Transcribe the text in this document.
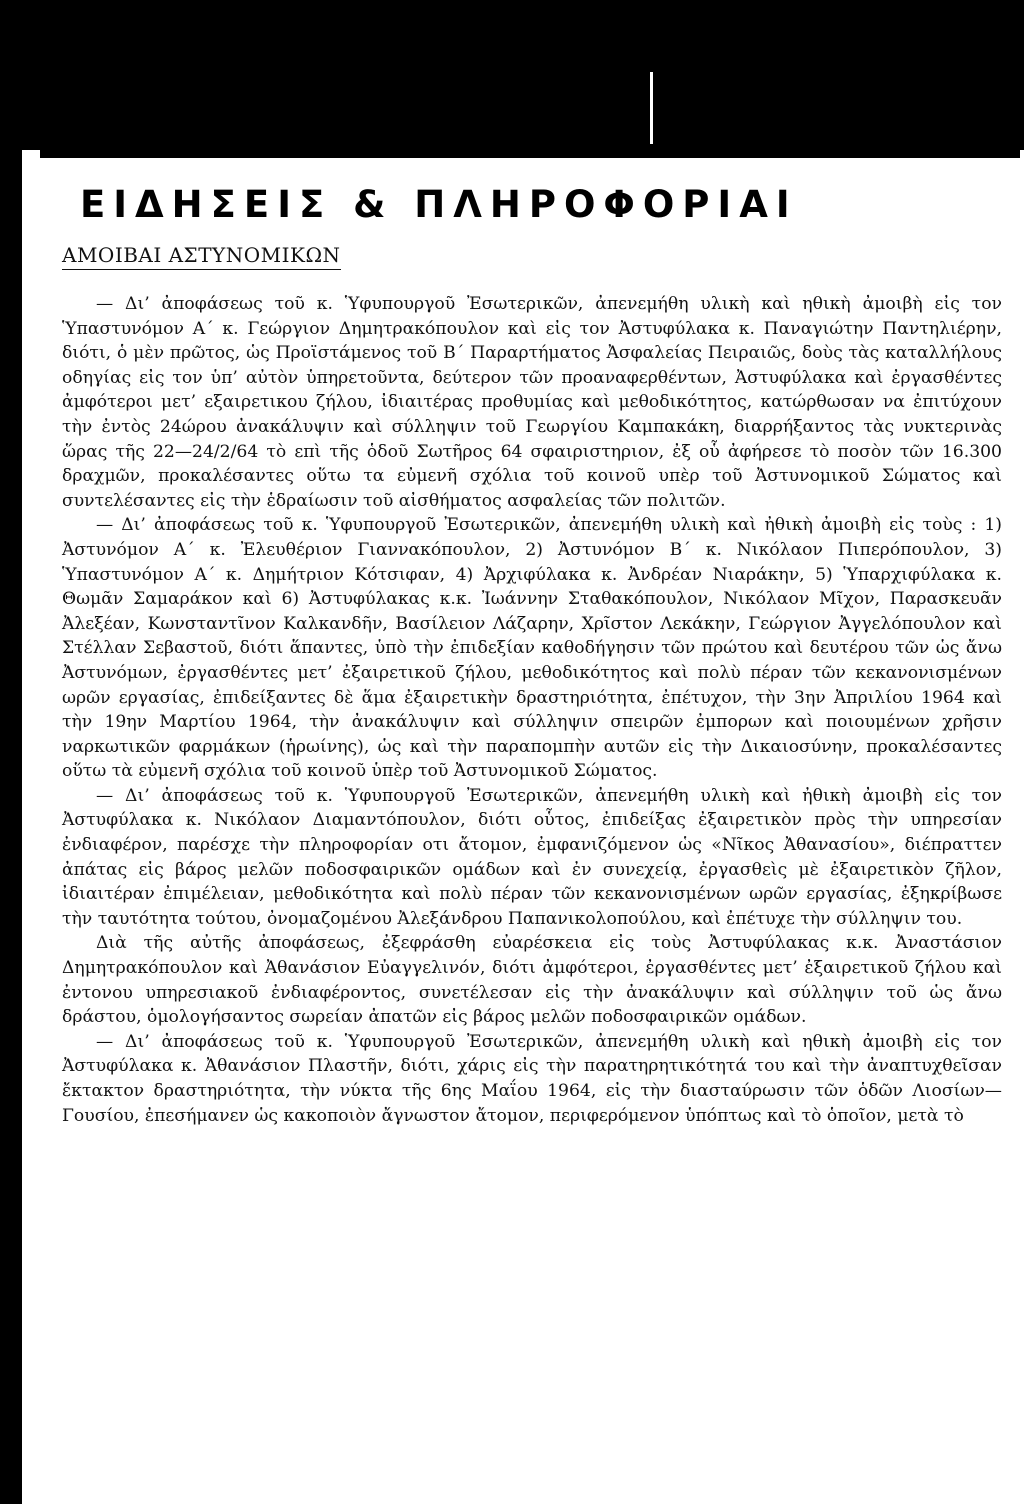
ΕΙΔΗΣΕΙΣ & ΠΛΗΡΟΦΟΡΙΑΙ
ΑΜΟΙΒΑΙ ΑΣΤΥΝΟΜΙΚΩΝ

— Δι’ ἀποφάσεως τοῦ κ. Ὑφυπουργοῦ Ἐσωτερικῶν, ἀπενεμήθη υλικὴ καὶ ηθικὴ ἀμοιβὴ εἰς τον Ὑπαστυνόμον Α΄ κ. Γεώργιον Δημητρακόπουλον καὶ εἰς τον Ἀστυφύλακα κ. Παναγιώτην Παντηλιέρην, διότι, ὁ μὲν πρῶτος, ὡς Προϊστάμενος τοῦ Β΄ Παραρτήματος Ἀσφαλείας Πειραιῶς, δοὺς τὰς καταλλήλους οδηγίας εἰς τον ὑπ’ αὐτὸν ὑπηρετοῦντα, δεύτερον τῶν προαναφερθέντων, Ἀστυφύλακα καὶ ἐργασθέντες ἀμφότεροι μετ’ εξαιρετικου ζήλου, ἰδιαιτέρας προθυμίας καὶ μεθοδικότητος, κατώρθωσαν να ἐπιτύχουν τὴν ἐντὸς 24ώρου ἀνακάλυψιν καὶ σύλληψιν τοῦ Γεωργίου Καμπακάκη, διαρρήξαντος τὰς νυκτερινὰς ὥρας τῆς 22—24/2/64 τὸ επὶ τῆς ὁδοῦ Σωτῆρος 64 σφαιριστηριον, ἐξ οὗ ἀφήρεσε τὸ ποσὸν τῶν 16.300 δραχμῶν, προκαλέσαντες οὕτω τα εὐμενῆ σχόλια τοῦ κοινοῦ υπὲρ τοῦ Ἀστυνομικοῦ Σώματος καὶ συντελέσαντες εἰς τὴν ἑδραίωσιν τοῦ αἰσθήματος ασφαλείας τῶν πολιτῶν.

— Δι’ ἀποφάσεως τοῦ κ. Ὑφυπουργοῦ Ἐσωτερικῶν, ἀπενεμήθη υλικὴ καὶ ἠθικὴ ἀμοιβὴ εἰς τοὺς : 1) Ἀστυνόμον Α΄ κ. Ἐλευθέριον Γιαννακόπουλον, 2) Ἀστυνόμον Β΄ κ. Νικόλαον Πιπερόπουλον, 3) Ὑπαστυνόμον Α΄ κ. Δημήτριον Κότσιφαν, 4) Ἀρχιφύλακα κ. Ἀνδρέαν Νιαράκην, 5) Ὑπαρχιφύλακα κ. Θωμᾶν Σαμαράκον καὶ 6) Ἀστυφύλακας κ.κ. Ἰωάννην Σταθακόπουλον, Νικόλαον Μῖχον, Παρασκευᾶν Ἀλεξέαν, Κωνσταντῖνον Καλκανδῆν, Βασίλειον Λάζαρην, Χρῖστον Λεκάκην, Γεώργιον Ἀγγελόπουλον καὶ Στέλλαν Σεβαστοῦ, διότι ἅπαντες, ὑπὸ τὴν ἐπιδεξίαν καθοδήγησιν τῶν πρώτου καὶ δευτέρου τῶν ὡς ἄνω Ἀστυνόμων, ἐργασθέντες μετ’ ἐξαιρετικοῦ ζήλου, μεθοδικότητος καὶ πολὺ πέραν τῶν κεκανονισμένων ωρῶν εργασίας, ἐπιδείξαντες δὲ ἅμα ἐξαιρετικὴν δραστηριότητα, ἐπέτυχον, τὴν 3ην Ἀπριλίου 1964 καὶ τὴν 19ην Μαρτίου 1964, τὴν ἀνακάλυψιν καὶ σύλληψιν σπειρῶν ἐμπορων καὶ ποιουμένων χρῆσιν ναρκωτικῶν φαρμάκων (ἡρωίνης), ὡς καὶ τὴν παραπομπὴν αυτῶν εἰς τὴν Δικαιοσύνην, προκαλέσαντες οὕτω τὰ εὐμενῆ σχόλια τοῦ κοινοῦ ὑπὲρ τοῦ Ἀστυνομικοῦ Σώματος.

— Δι’ ἀποφάσεως τοῦ κ. Ὑφυπουργοῦ Ἐσωτερικῶν, ἀπενεμήθη υλικὴ καὶ ἠθικὴ ἀμοιβὴ εἰς τον Ἀστυφύλακα κ. Νικόλαον Διαμαντόπουλον, διότι οὗτος, ἐπιδείξας ἐξαιρετικὸν πρὸς τὴν υπηρεσίαν ἐνδιαφέρον, παρέσχε τὴν πληροφορίαν οτι ἄτομον, ἐμφανιζόμενον ὡς «Νῖκος Ἀθανασίου», διέπραττεν ἀπάτας εἰς βάρος μελῶν ποδοσφαιρικῶν ομάδων καὶ ἐν συνεχείᾳ, ἐργασθεὶς μὲ ἐξαιρετικὸν ζῆλον, ἰδιαιτέραν ἐπιμέλειαν, μεθοδικότητα καὶ πολὺ πέραν τῶν κεκανονισμένων ωρῶν εργασίας, ἐξηκρίβωσε τὴν ταυτότητα τούτου, ὀνομαζομένου Ἀλεξάνδρου Παπανικολοπούλου, καὶ ἐπέτυχε τὴν σύλληψιν του.

Διὰ τῆς αὐτῆς ἀποφάσεως, ἐξεφράσθη εὐαρέσκεια εἰς τοὺς Ἀστυφύλακας κ.κ. Ἀναστάσιον Δημητρακόπουλον καὶ Ἀθανάσιον Εὐαγγελινόν, διότι ἀμφότεροι, ἐργασθέντες μετ’ ἐξαιρετικοῦ ζήλου καὶ ἐντονου υπηρεσιακοῦ ἐνδιαφέροντος, συνετέλεσαν εἰς τὴν ἀνακάλυψιν καὶ σύλληψιν τοῦ ὡς ἄνω δράστου, ὁμολογήσαντος σωρείαν ἀπατῶν εἰς βάρος μελῶν ποδοσφαιρικῶν ομάδων.

— Δι’ ἀποφάσεως τοῦ κ. Ὑφυπουργοῦ Ἐσωτερικῶν, ἀπενεμήθη υλικὴ καὶ ηθικὴ ἀμοιβὴ εἰς τον Ἀστυφύλακα κ. Ἀθανάσιον Πλαστῆν, διότι, χάρις εἰς τὴν παρατηρητικότητά του καὶ τὴν ἀναπτυχθεῖσαν ἔκτακτον δραστηριότητα, τὴν νύκτα τῆς 6ης Μαΐου 1964, εἰς τὴν διασταύρωσιν τῶν ὁδῶν Λιοσίων—Γουσίου, ἐπεσήμανεν ὡς κακοποιὸν ἄγνωστον ἄτομον, περιφερόμενον ὑπόπτως καὶ τὸ ὁποῖον, μετὰ τὸ
